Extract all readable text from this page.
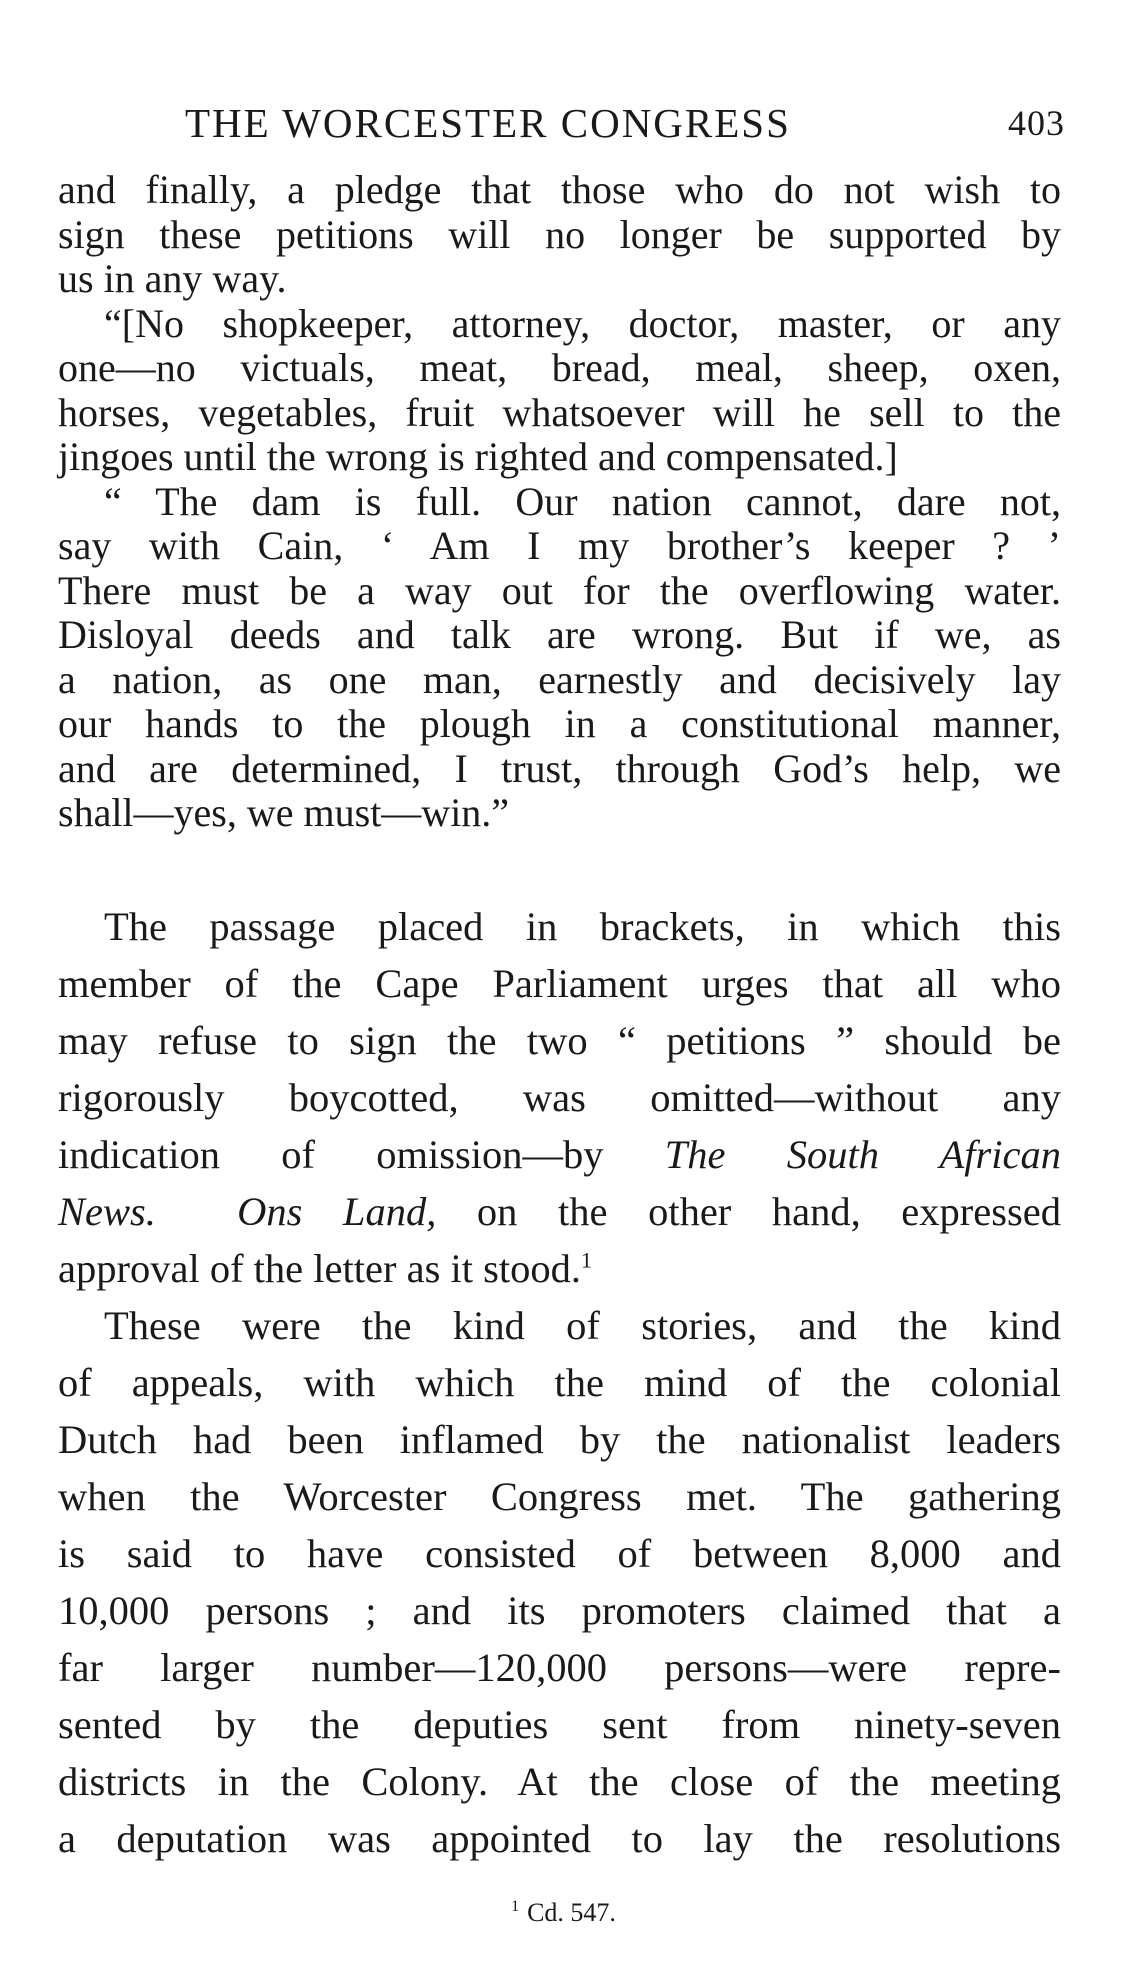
THE WORCESTER CONGRESS	403
and finally, a pledge that those who do not wish to
sign these petitions will no longer be supported by
us in any way.
“[No shopkeeper, attorney, doctor, master, or any
one—no victuals, meat, bread, meal, sheep, oxen,
horses, vegetables, fruit whatsoever will he sell to the
jingoes until the wrong is righted and compensated.]
“ The dam is full. Our nation cannot, dare not,
say with Cain, ‘ Am I my brother’s keeper ? ’
There must be a way out for the overflowing water.
Disloyal deeds and talk are wrong. But if we, as
a nation, as one man, earnestly and decisively lay
our hands to the plough in a constitutional manner,
and are determined, I trust, through God’s help, we
shall—yes, we must—win.”
The passage placed in brackets, in which this
member of the Cape Parliament urges that all who
may refuse to sign the two “ petitions ” should be
rigorously boycotted, was omitted—without any
indication of omission—by The South African
News. Ons Land, on the other hand, expressed
approval of the letter as it stood.$^1$
These were the kind of stories, and the kind
of appeals, with which the mind of the colonial
Dutch had been inflamed by the nationalist leaders
when the Worcester Congress met. The gathering
is said to have consisted of between 8,000 and
10,000 persons ; and its promoters claimed that a
far larger number—120,000 persons—were repre-
sented by the deputies sent from ninety-seven
districts in the Colony. At the close of the meeting
a deputation was appointed to lay the resolutions
$^1$ Cd. 547.
